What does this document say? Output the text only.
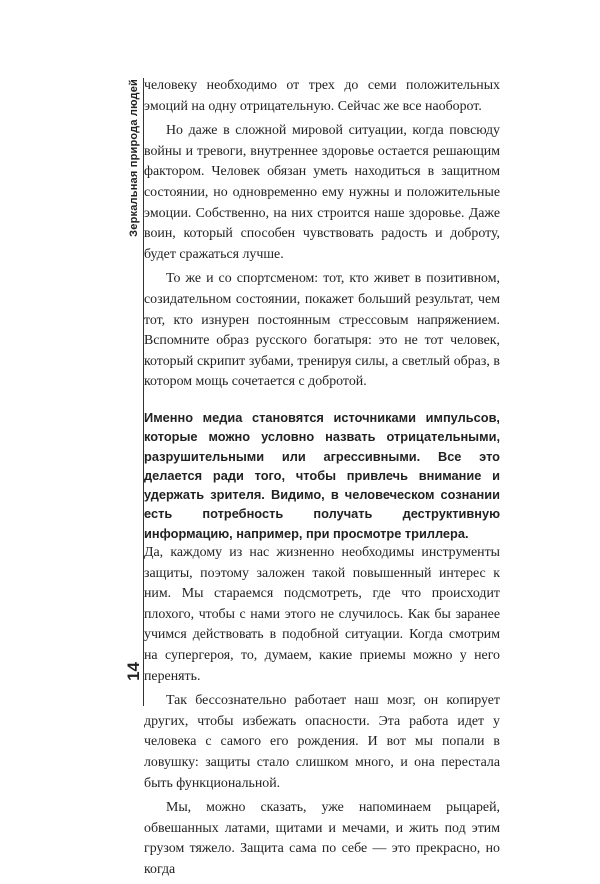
Зеркальная природа людей
14

человеку необходимо от трех до семи положительных эмоций на одну отрицательную. Сейчас же все наоборот.

Но даже в сложной мировой ситуации, когда повсюду войны и тревоги, внутреннее здоровье остается решающим фактором. Человек обязан уметь находиться в защитном состоянии, но одновременно ему нужны и положительные эмоции. Собственно, на них строится наше здоровье. Даже воин, который способен чувствовать радость и доброту, будет сражаться лучше.

То же и со спортсменом: тот, кто живет в позитивном, созидательном состоянии, покажет больший результат, чем тот, кто изнурен постоянным стрессовым напряжением. Вспомните образ русского богатыря: это не тот человек, который скрипит зубами, тренируя силы, а светлый образ, в котором мощь сочетается с добротой.

Именно медиа становятся источниками импульсов, которые можно условно назвать отрицательными, разрушительными или агрессивными. Все это делается ради того, чтобы привлечь внимание и удержать зрителя. Видимо, в человеческом сознании есть потребность получать деструктивную информацию, например, при просмотре триллера.

Да, каждому из нас жизненно необходимы инструменты защиты, поэтому заложен такой повышенный интерес к ним. Мы стараемся подсмотреть, где что происходит плохого, чтобы с нами этого не случилось. Как бы заранее учимся действовать в подобной ситуации. Когда смотрим на супергероя, то, думаем, какие приемы можно у него перенять.

Так бессознательно работает наш мозг, он копирует других, чтобы избежать опасности. Эта работа идет у человека с самого его рождения. И вот мы попали в ловушку: защиты стало слишком много, и она перестала быть функциональной.

Мы, можно сказать, уже напоминаем рыцарей, обвешанных латами, щитами и мечами, и жить под этим грузом тяжело. Защита сама по себе — это прекрасно, но когда
